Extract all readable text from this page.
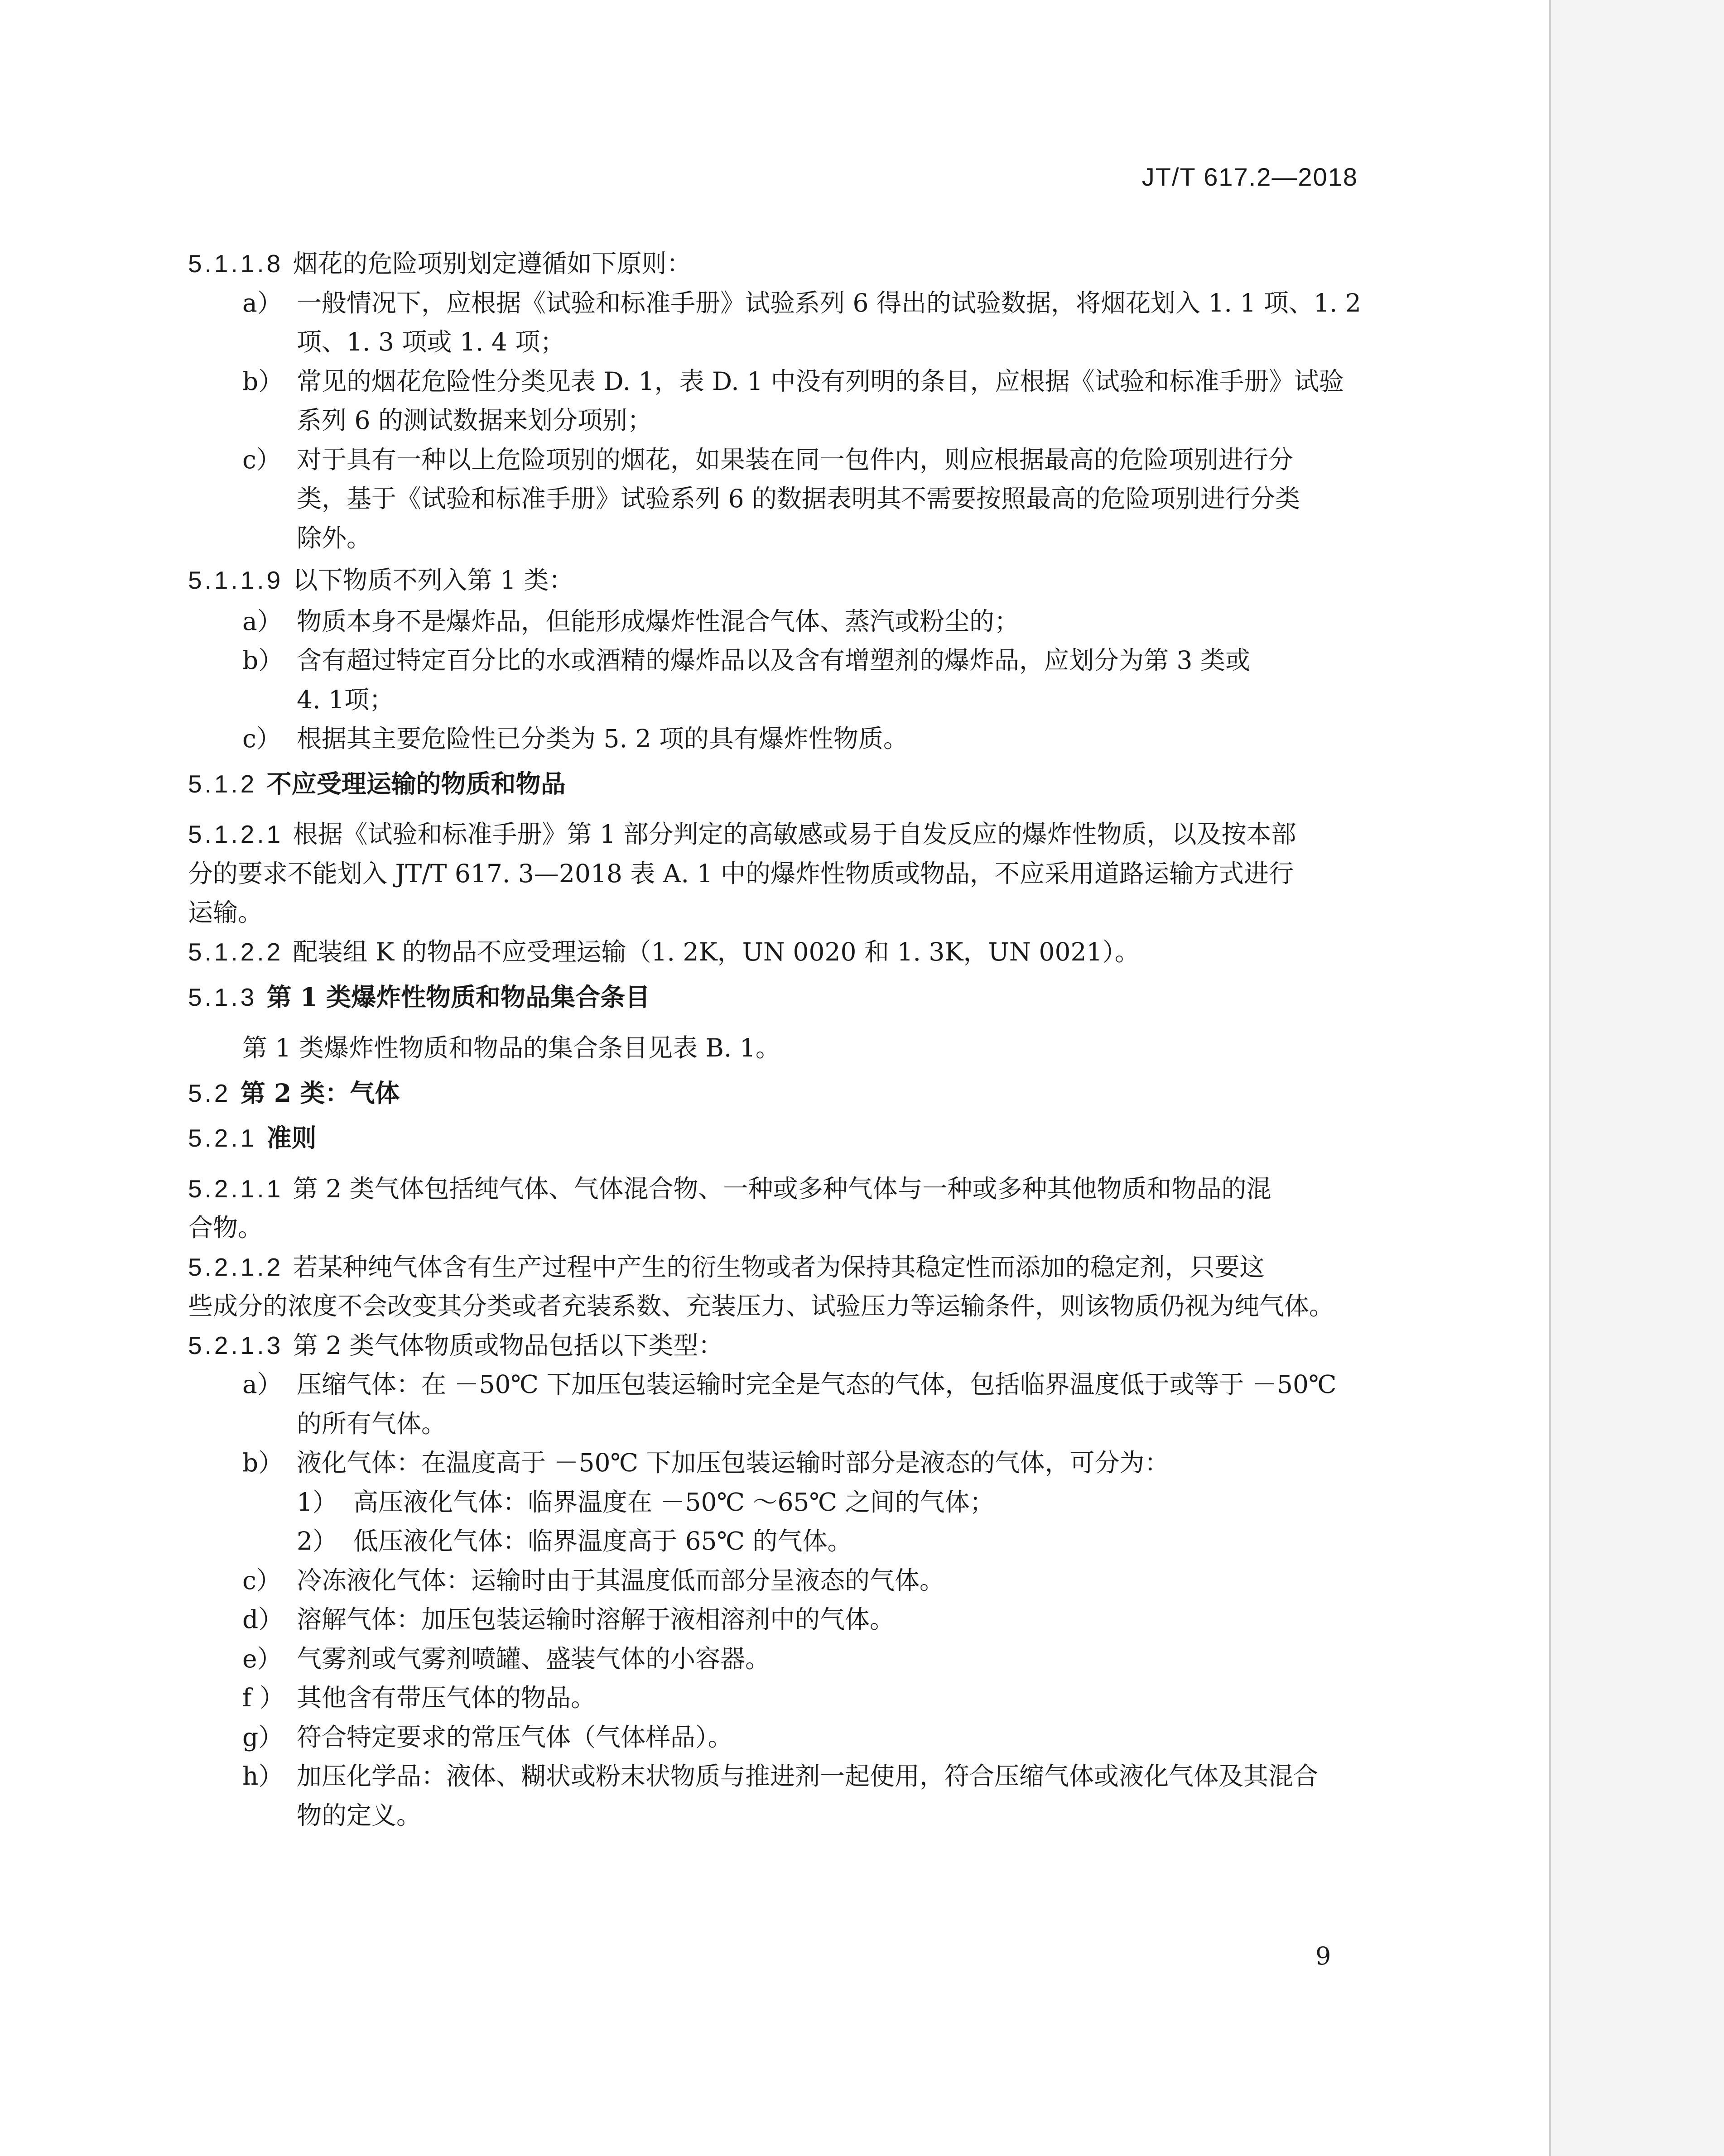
JT/T 617.2—2018
5.1.1.8 烟花的危险项别划定遵循如下原则：
a） 一般情况下，应根据《试验和标准手册》试验系列 6 得出的试验数据，将烟花划入 1. 1 项、1. 2
项、1. 3 项或 1. 4 项；
b） 常见的烟花危险性分类见表 D. 1，表 D. 1 中没有列明的条目，应根据《试验和标准手册》试验
系列 6 的测试数据来划分项别；
c） 对于具有一种以上危险项别的烟花，如果装在同一包件内，则应根据最高的危险项别进行分
类，基于《试验和标准手册》试验系列 6 的数据表明其不需要按照最高的危险项别进行分类
除外。
5.1.1.9 以下物质不列入第 1 类：
a） 物质本身不是爆炸品，但能形成爆炸性混合气体、蒸汽或粉尘的；
b） 含有超过特定百分比的水或酒精的爆炸品以及含有增塑剂的爆炸品，应划分为第 3 类或
4. 1项；
c） 根据其主要危险性已分类为 5. 2 项的具有爆炸性物质。
5.1.2 不应受理运输的物质和物品
5.1.2.1 根据《试验和标准手册》第 1 部分判定的高敏感或易于自发反应的爆炸性物质，以及按本部
分的要求不能划入 JT/T 617. 3—2018 表 A. 1 中的爆炸性物质或物品，不应采用道路运输方式进行
运输。
5.1.2.2 配装组 K 的物品不应受理运输（1. 2K，UN 0020 和 1. 3K，UN 0021）。
5.1.3 第 1 类爆炸性物质和物品集合条目
第 1 类爆炸性物质和物品的集合条目见表 B. 1。
5.2 第 2 类：气体
5.2.1 准则
5.2.1.1 第 2 类气体包括纯气体、气体混合物、一种或多种气体与一种或多种其他物质和物品的混
合物。
5.2.1.2 若某种纯气体含有生产过程中产生的衍生物或者为保持其稳定性而添加的稳定剂，只要这
些成分的浓度不会改变其分类或者充装系数、充装压力、试验压力等运输条件，则该物质仍视为纯气体。
5.2.1.3 第 2 类气体物质或物品包括以下类型：
a） 压缩气体：在 －50℃ 下加压包装运输时完全是气态的气体，包括临界温度低于或等于 －50℃
的所有气体。
b） 液化气体：在温度高于 －50℃ 下加压包装运输时部分是液态的气体，可分为：
1） 高压液化气体：临界温度在 －50℃ ～65℃ 之间的气体；
2） 低压液化气体：临界温度高于 65℃ 的气体。
c） 冷冻液化气体：运输时由于其温度低而部分呈液态的气体。
d） 溶解气体：加压包装运输时溶解于液相溶剂中的气体。
e） 气雾剂或气雾剂喷罐、盛装气体的小容器。
f ） 其他含有带压气体的物品。
g） 符合特定要求的常压气体（气体样品）。
h） 加压化学品：液体、糊状或粉末状物质与推进剂一起使用，符合压缩气体或液化气体及其混合
物的定义。
9
